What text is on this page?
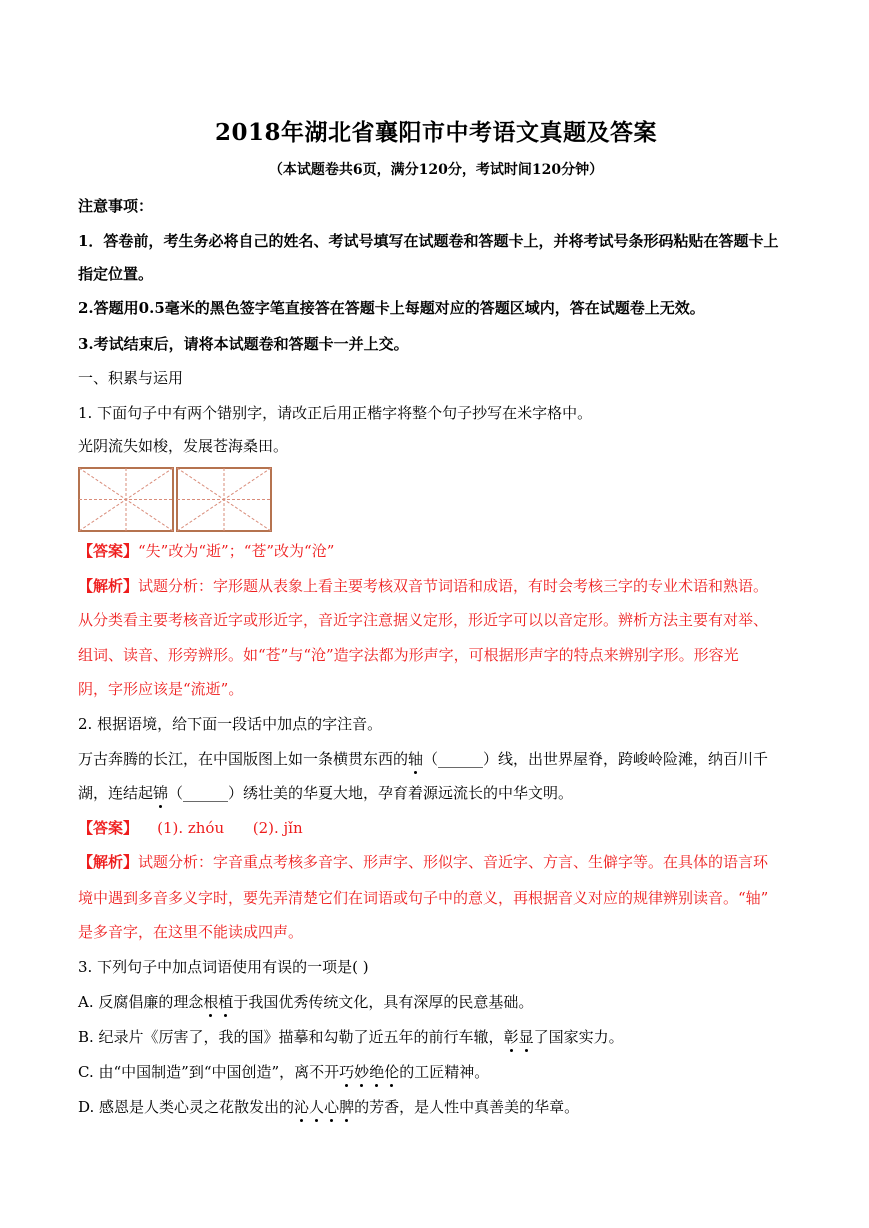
2018年湖北省襄阳市中考语文真题及答案
（本试题卷共6页，满分120分，考试时间120分钟）
注意事项：
1．答卷前，考生务必将自己的姓名、考试号填写在试题卷和答题卡上，并将考试号条形码粘贴在答题卡上
指定位置。
2.答题用0.5毫米的黑色签字笔直接答在答题卡上每题对应的答题区域内，答在试题卷上无效。
3.考试结束后，请将本试题卷和答题卡一并上交。
一、积累与运用
1. 下面句子中有两个错别字，请改正后用正楷字将整个句子抄写在米字格中。
光阴流失如梭，发展苍海桑田。
【答案】“失”改为“逝”；“苍”改为“沧”
【解析】试题分析：字形题从表象上看主要考核双音节词语和成语，有时会考核三字的专业术语和熟语。
从分类看主要考核音近字或形近字，音近字注意据义定形，形近字可以以音定形。辨析方法主要有对举、
组词、读音、形旁辨形。如“苍”与“沧”造字法都为形声字，可根据形声字的特点来辨别字形。形容光
阴，字形应该是“流逝”。
2. 根据语境，给下面一段话中加点的字注音。
万古奔腾的长江，在中国版图上如一条横贯东西的轴（______）线，出世界屋脊，跨峻岭险滩，纳百川千
湖，连结起锦（______）绣壮美的华夏大地，孕育着源远流长的中华文明。
【答案】    (1). zhóu      (2). jǐn
【解析】试题分析：字音重点考核多音字、形声字、形似字、音近字、方言、生僻字等。在具体的语言环
境中遇到多音多义字时，要先弄清楚它们在词语或句子中的意义，再根据音义对应的规律辨别读音。“轴”
是多音字，在这里不能读成四声。
3. 下列句子中加点词语使用有误的一项是( )
A. 反腐倡廉的理念根植于我国优秀传统文化，具有深厚的民意基础。
B. 纪录片《厉害了，我的国》描摹和勾勒了近五年的前行车辙，彰显了国家实力。
C. 由“中国制造”到“中国创造”，离不开巧妙绝伦的工匠精神。
D. 感恩是人类心灵之花散发出的沁人心脾的芳香，是人性中真善美的华章。
